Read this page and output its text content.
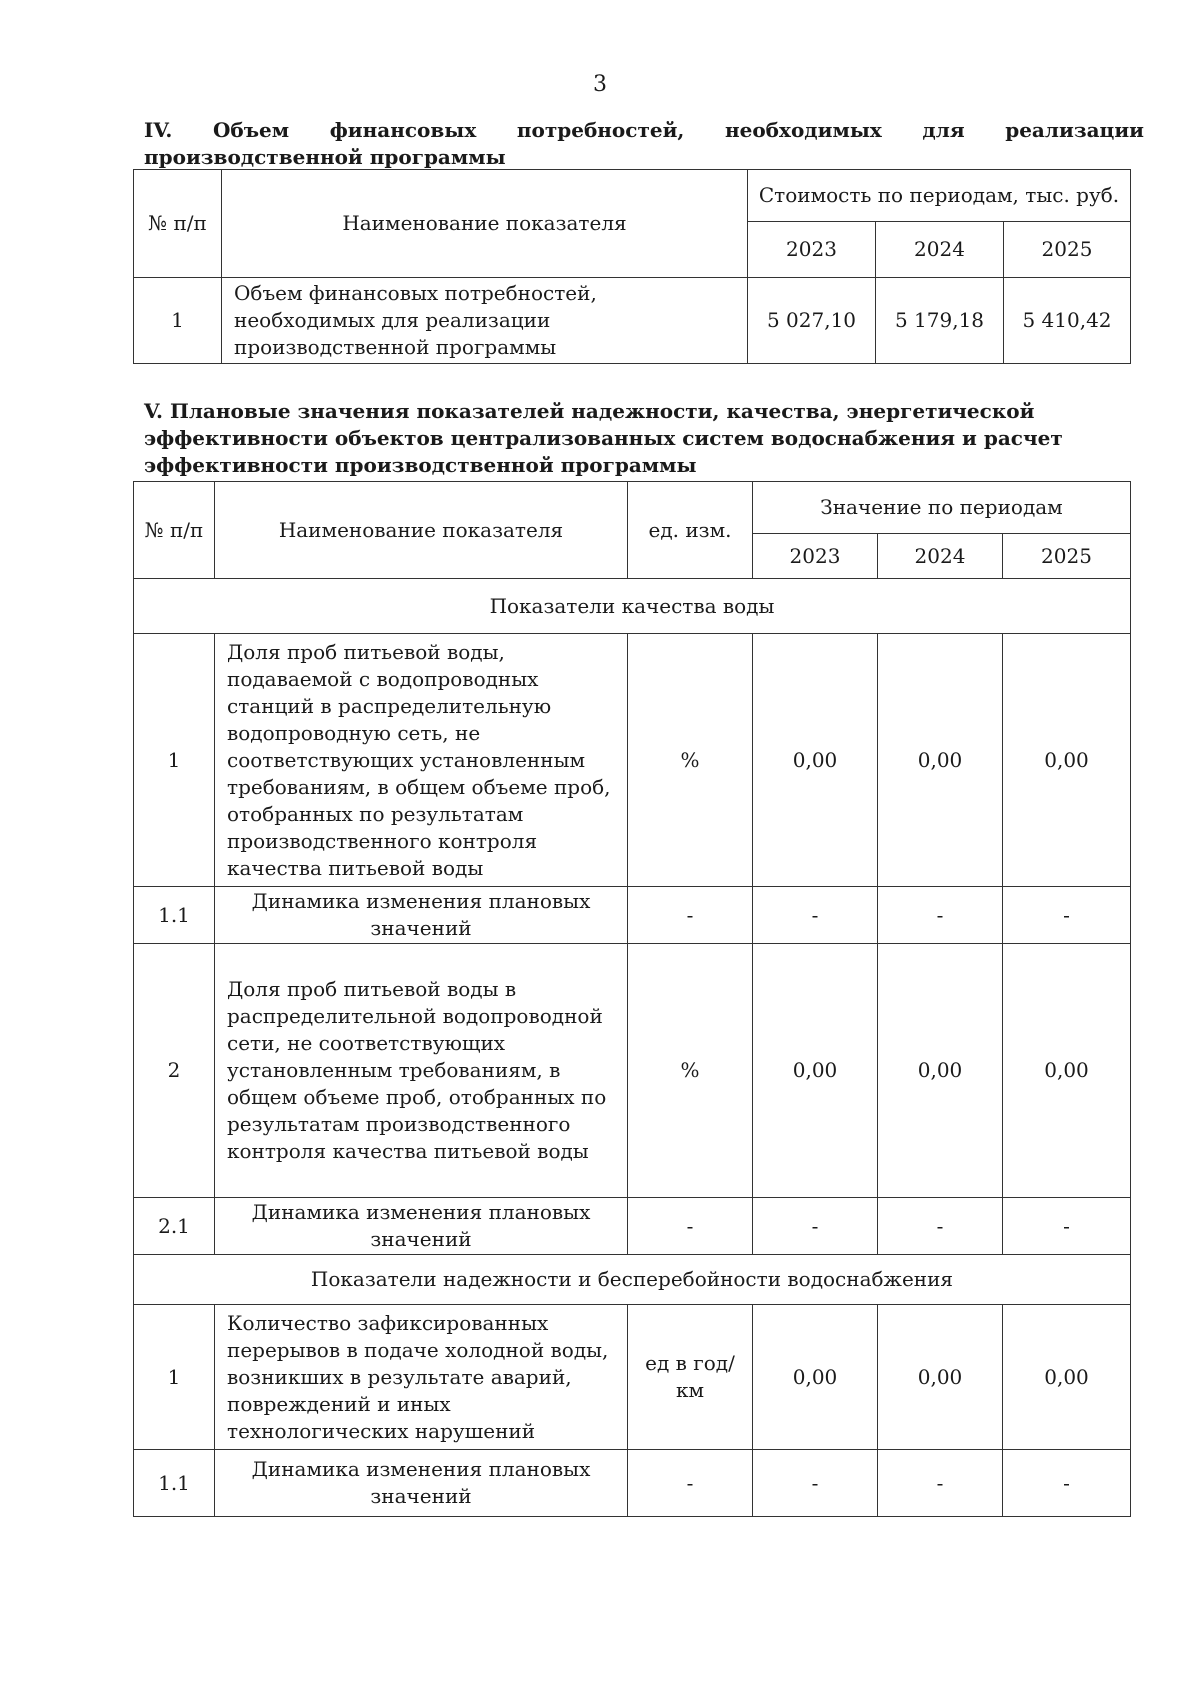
3
IV. Объем финансовых потребностей, необходимых для реализации производственной программы
№ п/п	Наименование показателя	Стоимость по периодам, тыс. руб.		
		2023	2024	2025
1	Объем финансовых потребностей, необходимых для реализации производственной программы	5 027,10	5 179,18	5 410,42
V. Плановые значения показателей надежности, качества, энергетической эффективности объектов централизованных систем водоснабжения и расчет эффективности производственной программы
№ п/п	Наименование показателя	ед. изм.	Значение по периодам		
			2023	2024	2025
Показатели качества воды					
1	Доля проб питьевой воды, подаваемой с водопроводных станций в распределительную водопроводную сеть, не соответствующих установленным требованиям, в общем объеме проб, отобранных по результатам производственного контроля качества питьевой воды	%	0,00	0,00	0,00
1.1	Динамика изменения плановых значений	-	-	-	-
2	Доля проб питьевой воды в распределительной водопроводной сети, не соответствующих установленным требованиям, в общем объеме проб, отобранных по результатам производственного контроля качества питьевой воды	%	0,00	0,00	0,00
2.1	Динамика изменения плановых значений	-	-	-	-
Показатели надежности и бесперебойности водоснабжения					
1	Количество зафиксированных перерывов в подаче холодной воды, возникших в результате аварий, повреждений и иных технологических нарушений	ед в год/ км	0,00	0,00	0,00
1.1	Динамика изменения плановых значений	-	-	-	-
